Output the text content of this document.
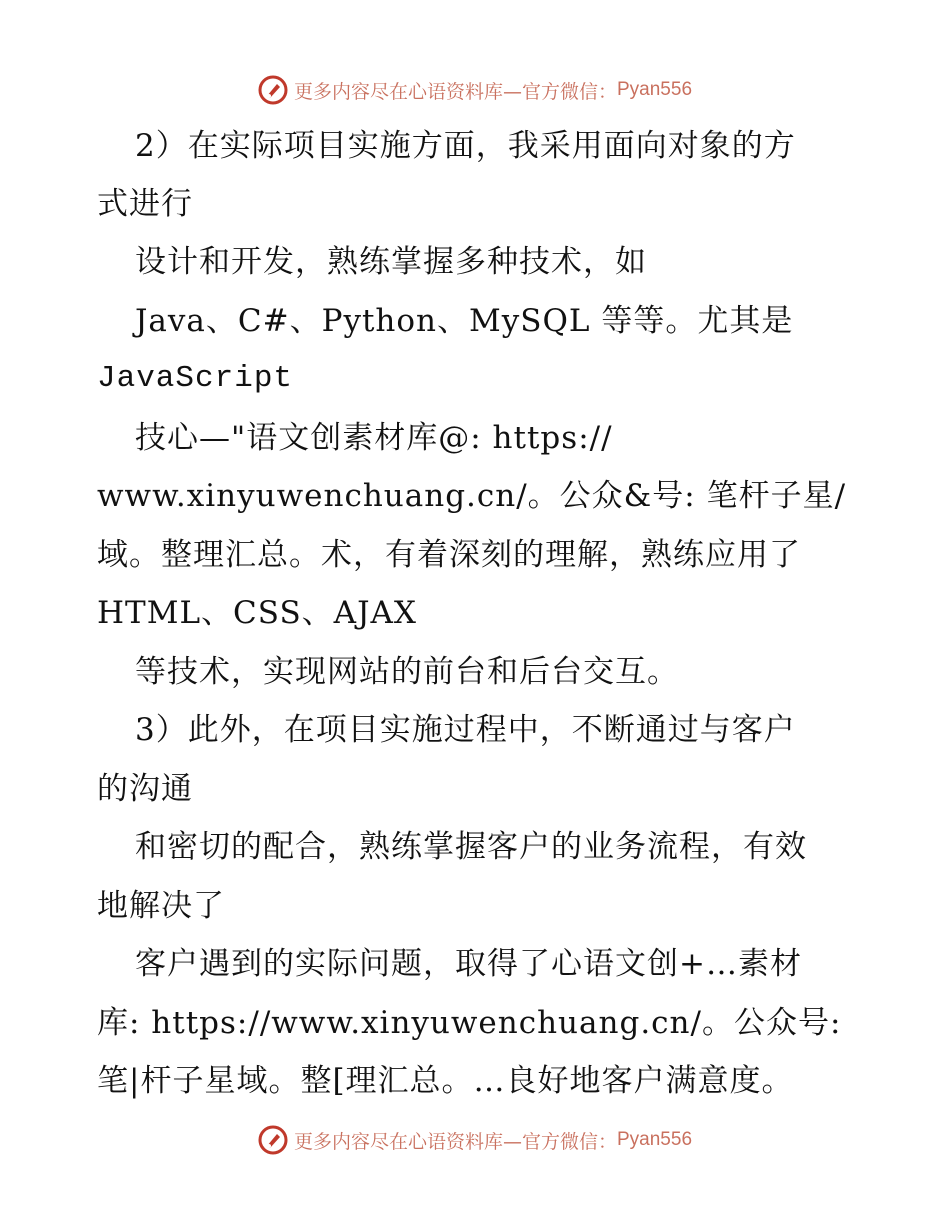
更多内容尽在心语资料库—官方微信： Pyan556
2）在实际项目实施方面，我采用面向对象的方
式进行
设计和开发，熟练掌握多种技术，如
Java、C#、Python、MySQL 等等。尤其是
JavaScript
技心—"语文创素材库@: https://
www.xinyuwenchuang.cn/。公众&号: 笔杆子星/
域。整理汇总。术，有着深刻的理解，熟练应用了
HTML、CSS、AJAX
等技术，实现网站的前台和后台交互。
3）此外，在项目实施过程中，不断通过与客户
的沟通
和密切的配合，熟练掌握客户的业务流程，有效
地解决了
客户遇到的实际问题，取得了心语文创+…素材
库: https://www.xinyuwenchuang.cn/。公众号:
笔|杆子星域。整[理汇总。…良好地客户满意度。
更多内容尽在心语资料库—官方微信： Pyan556
